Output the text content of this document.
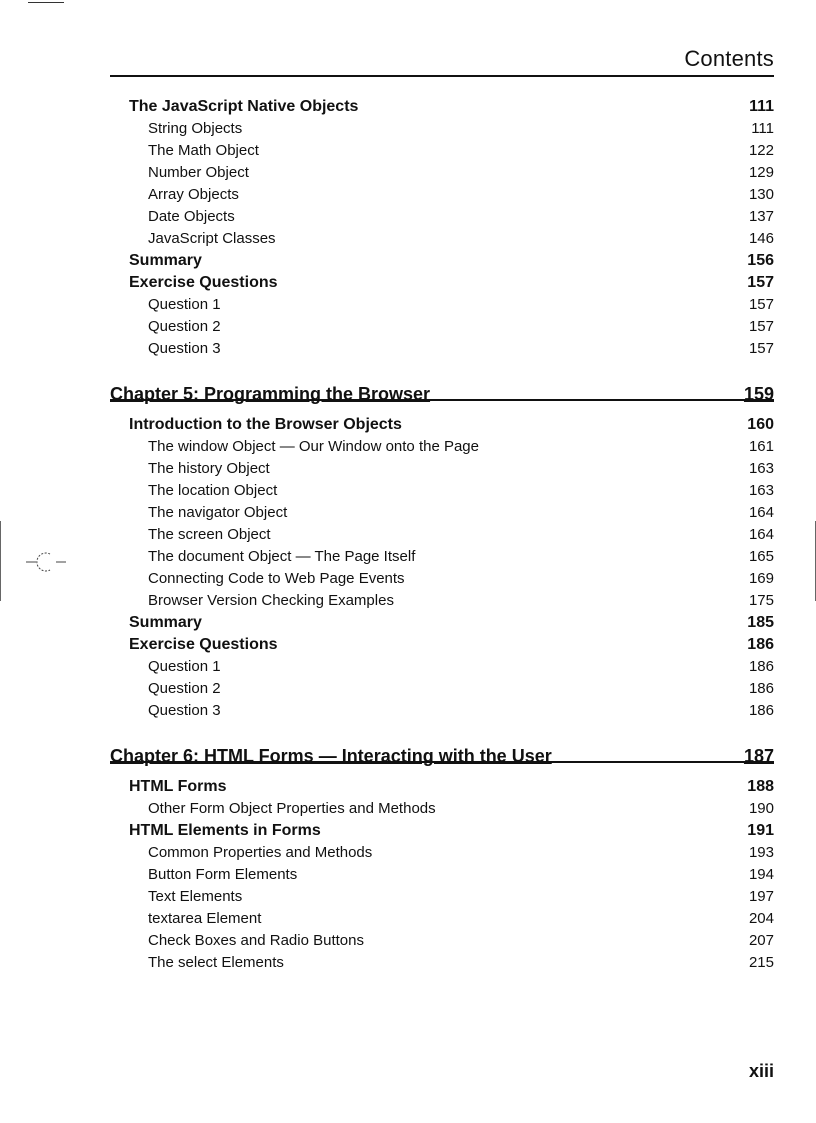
Contents
The JavaScript Native Objects	111
String Objects	111
The Math Object	122
Number Object	129
Array Objects	130
Date Objects	137
JavaScript Classes	146
Summary	156
Exercise Questions	157
Question 1	157
Question 2	157
Question 3	157
Chapter 5: Programming the Browser	159
Introduction to the Browser Objects	160
The window Object — Our Window onto the Page	161
The history Object	163
The location Object	163
The navigator Object	164
The screen Object	164
The document Object — The Page Itself	165
Connecting Code to Web Page Events	169
Browser Version Checking Examples	175
Summary	185
Exercise Questions	186
Question 1	186
Question 2	186
Question 3	186
Chapter 6: HTML Forms — Interacting with the User	187
HTML Forms	188
Other Form Object Properties and Methods	190
HTML Elements in Forms	191
Common Properties and Methods	193
Button Form Elements	194
Text Elements	197
textarea Element	204
Check Boxes and Radio Buttons	207
The select Elements	215
xiii
